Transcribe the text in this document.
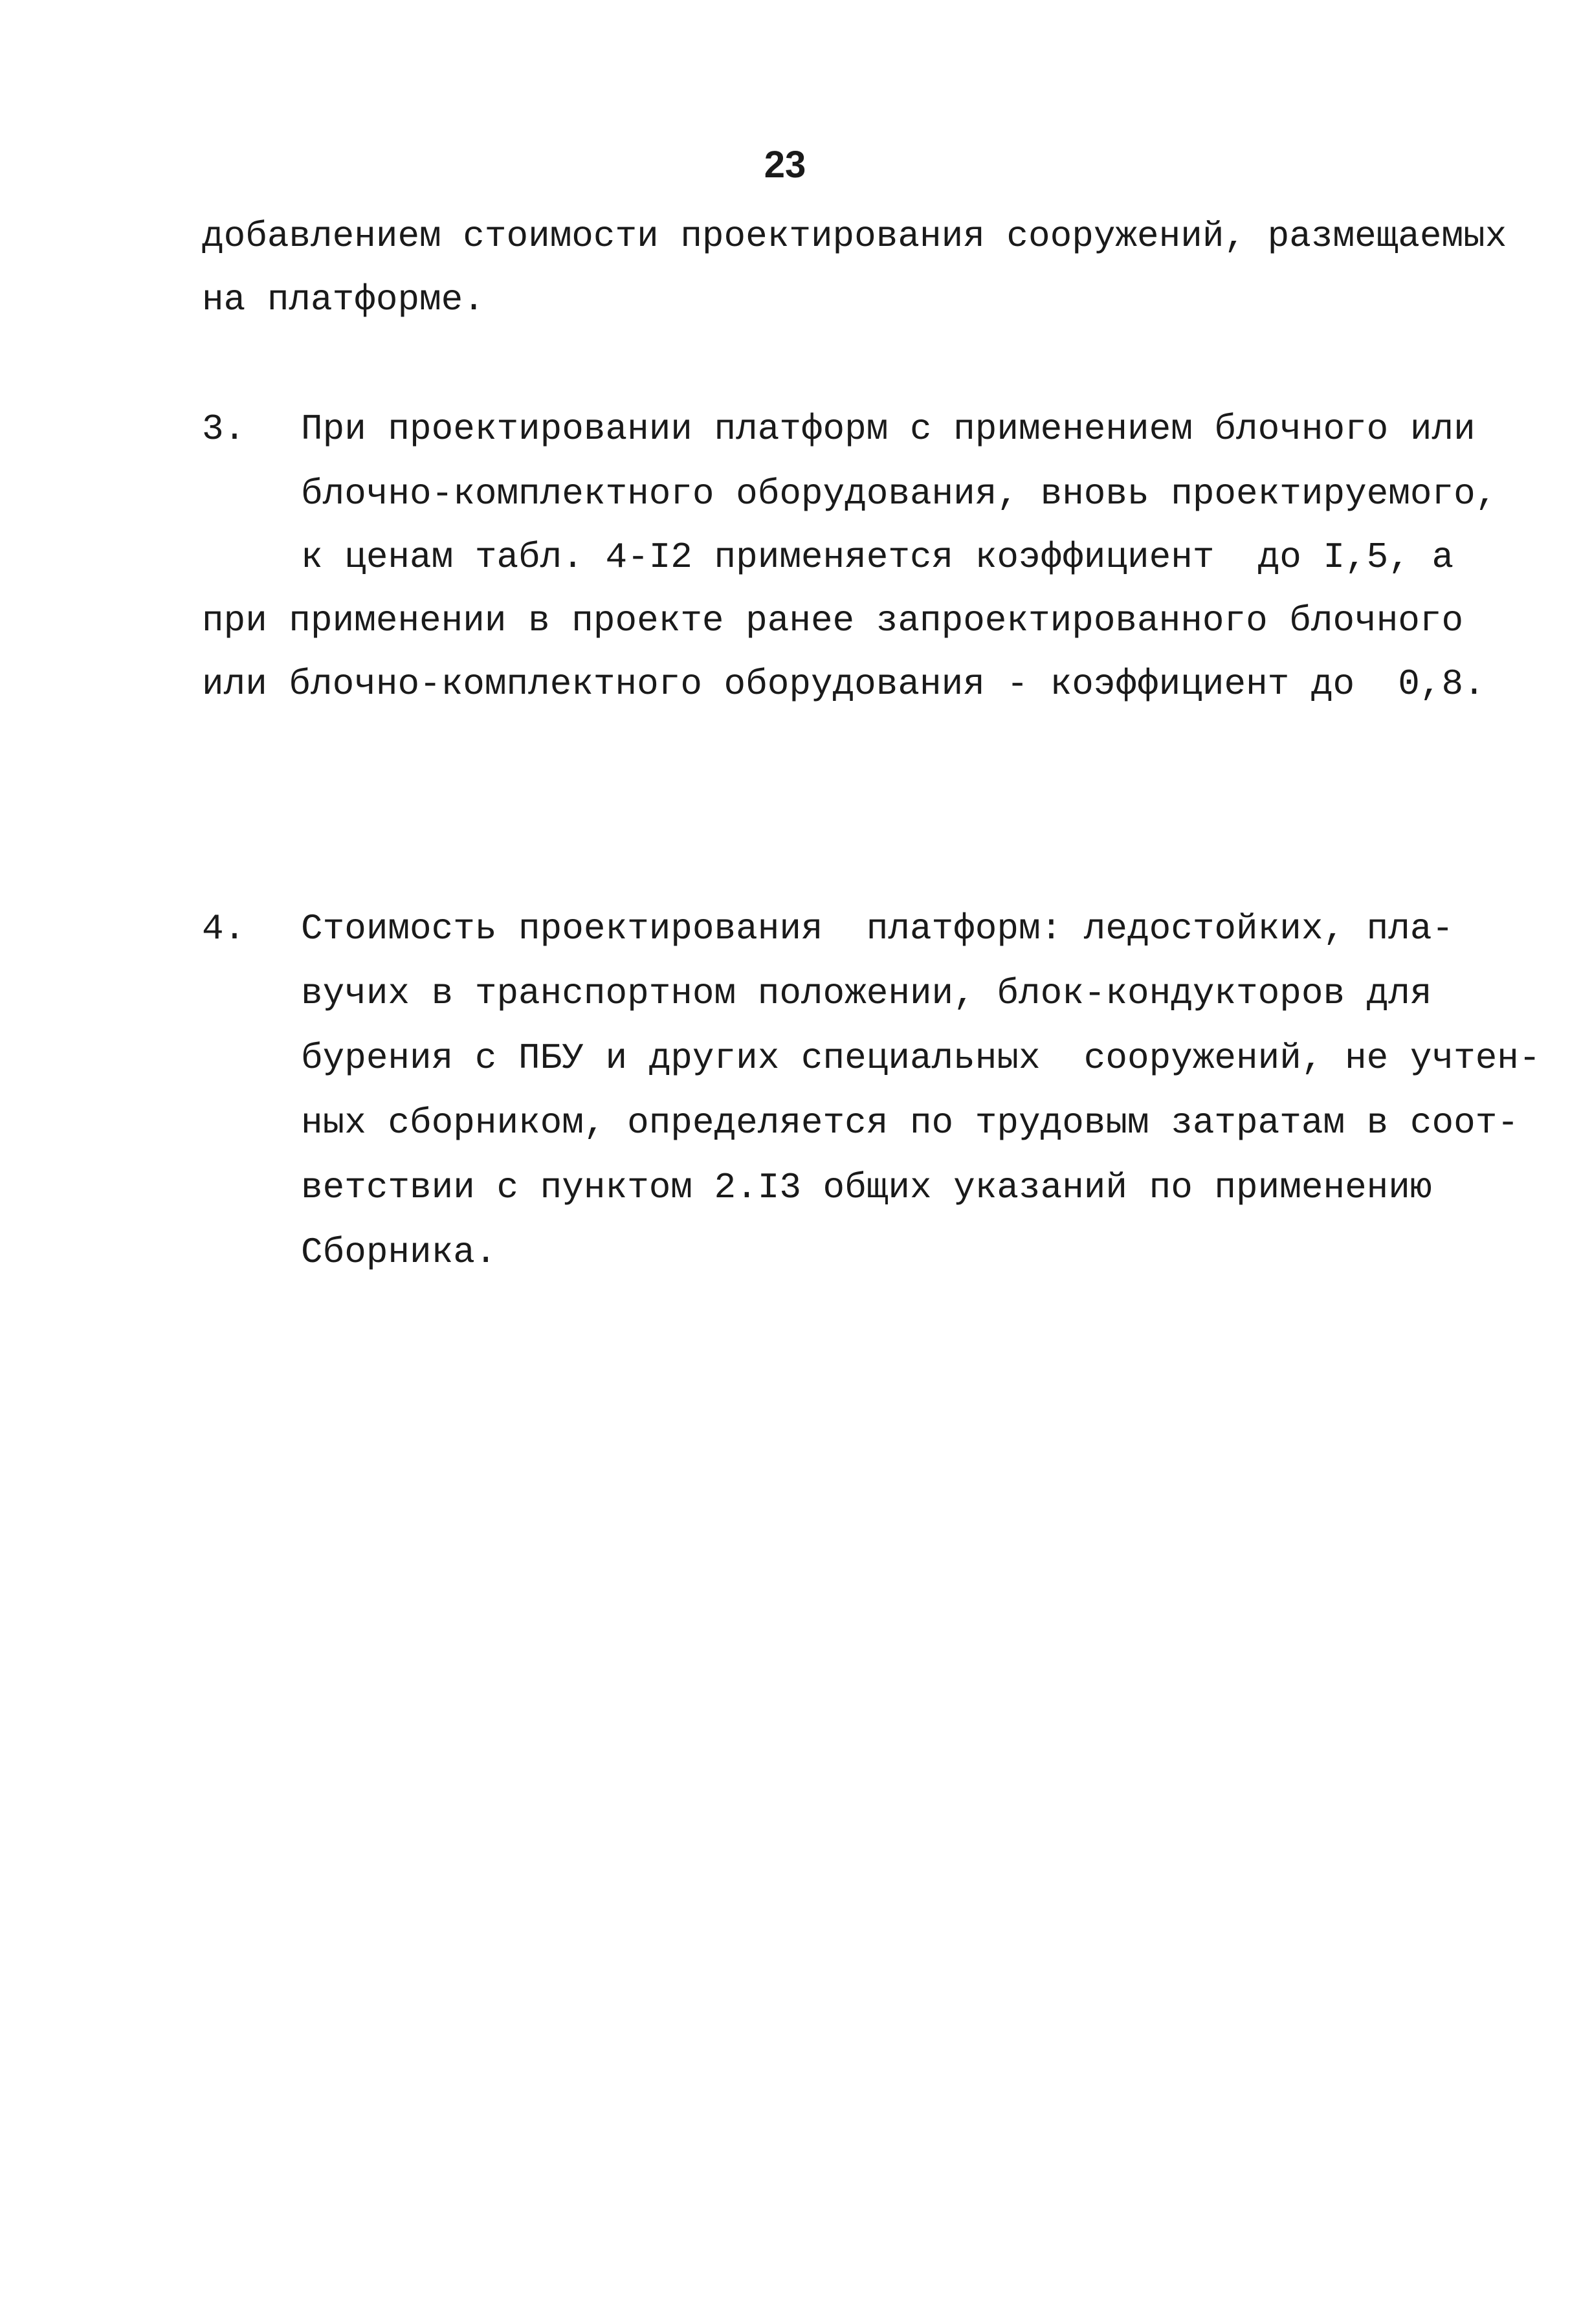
23
добавлением стоимости проектирования сооружений, размещаемых
на платформе.
3. При проектировании платформ с применением блочного или
блочно-комплектного оборудования, вновь проектируемого,
к ценам табл. 4-I2 применяется коэффициент  до I,5, а
при применении в проекте ранее запроектированного блочного
или блочно-комплектного оборудования - коэффициент до  0,8.
4. Стоимость проектирования  платформ: ледостойких, пла-
вучих в транспортном положении, блок-кондукторов для
бурения с ПБУ и других специальных  сооружений, не учтен-
ных сборником, определяется по трудовым затратам в соот-
ветствии с пунктом 2.I3 общих указаний по применению
Сборника.
